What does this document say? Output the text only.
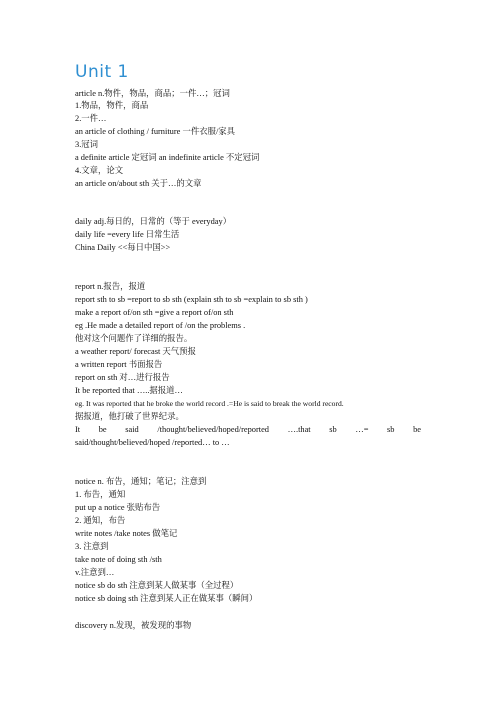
Unit 1
article n.物件，物品，商品；一件…；冠词
1.物品，物件，商品
2.一件…
an article of clothing / furniture 一件衣服/家具
3.冠词
a definite article 定冠词 an indefinite article 不定冠词
4.文章，论文
an article on/about sth 关于…的文章
daily adj.每日的，日常的（等于 everyday）
daily life =every life 日常生活
China Daily <<每日中国>>
report n.报告，报道
report sth to sb =report to sb sth (explain sth to sb =explain to sb sth )
make a report of/on sth =give a report of/on sth
eg .He made a detailed report of /on the problems .
他对这个问题作了详细的报告。
a weather report/ forecast 天气预报
a written report 书面报告
report on sth 对…进行报告
It be reported that …..据报道…
eg. It was reported that he broke the world record .=He is said to break the world record.
据报道，他打破了世界纪录。
It be said /thought/believed/hoped/reported ….that sb …= sb be
said/thought/believed/hoped /reported… to …
notice n. 布告，通知；笔记；注意到
1. 布告，通知
put up a notice 张贴布告
2. 通知，布告
write notes /take notes 做笔记
3. 注意到
take note of doing sth /sth
v.注意到…
notice sb do sth 注意到某人做某事（全过程）
notice sb doing sth 注意到某人正在做某事（瞬间）
discovery n.发现，被发现的事物
